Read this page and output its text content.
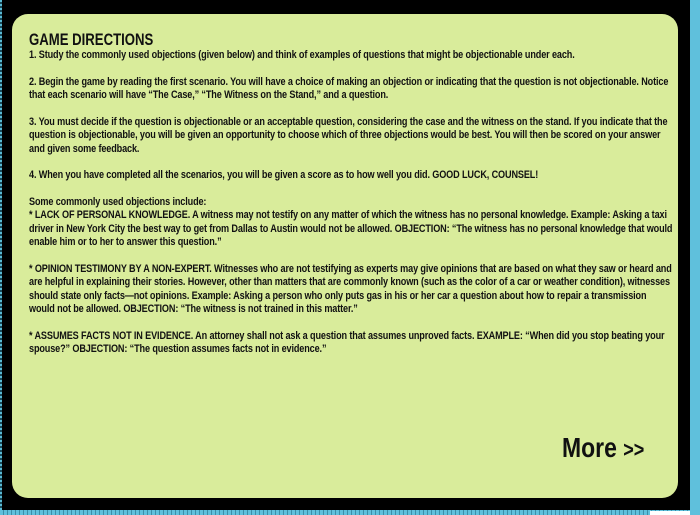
GAME DIRECTIONS

1. Study the commonly used objections (given below) and think of examples of questions that might be objectionable under each.

2. Begin the game by reading the first scenario. You will have a choice of making an objection or indicating that the question is not objectionable. Notice that each scenario will have “The Case,” “The Witness on the Stand,” and a question.

3. You must decide if the question is objectionable or an acceptable question, considering the case and the witness on the stand. If you indicate that the question is objectionable, you will be given an opportunity to choose which of three objections would be best. You will then be scored on your answer and given some feedback.

4. When you have completed all the scenarios, you will be given a score as to how well you did. GOOD LUCK, COUNSEL!

Some commonly used objections include:

* LACK OF PERSONAL KNOWLEDGE. A witness may not testify on any matter of which the witness has no personal knowledge. Example: Asking a taxi driver in New York City the best way to get from Dallas to Austin would not be allowed. OBJECTION: “The witness has no personal knowledge that would enable him or to her to answer this question.”

* OPINION TESTIMONY BY A NON-EXPERT. Witnesses who are not testifying as experts may give opinions that are based on what they saw or heard and are helpful in explaining their stories. However, other than matters that are commonly known (such as the color of a car or weather condition), witnesses should state only facts—not opinions. Example: Asking a person who only puts gas in his or her car a question about how to repair a transmission would not be allowed. OBJECTION: “The witness is not trained in this matter.”

* ASSUMES FACTS NOT IN EVIDENCE. An attorney shall not ask a question that assumes unproved facts. EXAMPLE: “When did you stop beating your spouse?” OBJECTION: “The question assumes facts not in evidence.”

More >>
